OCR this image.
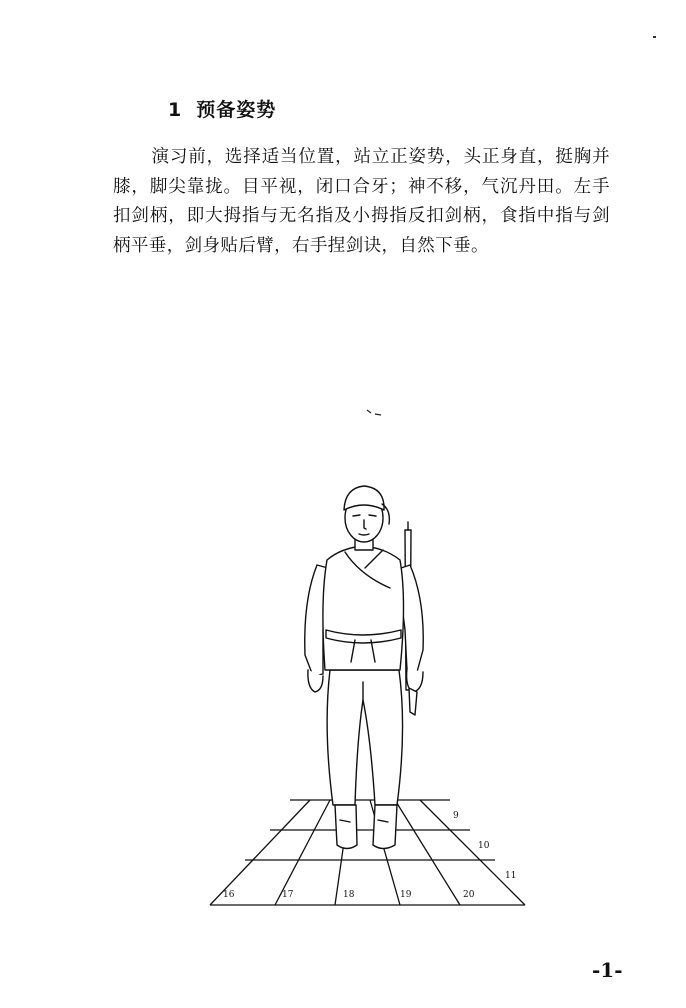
1 预备姿势

演习前，选择适当位置，站立正姿势，头正身直，挺胸并膝，脚尖靠拢。目平视，闭口合牙；神不移，气沉丹田。左手扣剑柄，即大拇指与无名指及小拇指反扣剑柄，食指中指与剑柄平垂，剑身贴后臂，右手捏剑诀，自然下垂。

9
10
11
16	17	18	19	20
-1-
